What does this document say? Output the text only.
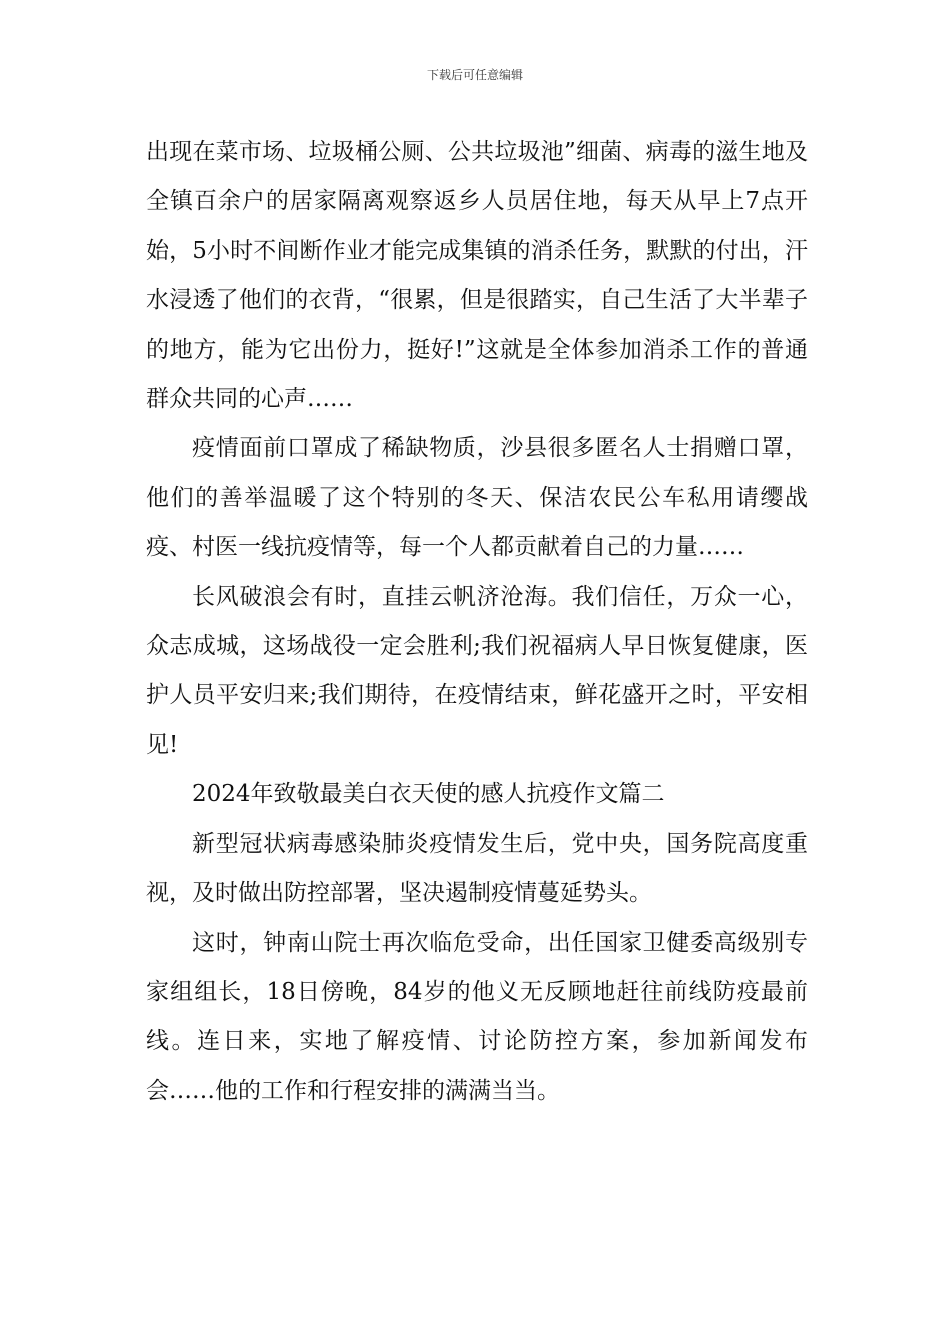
下载后可任意编辑

出现在菜市场、垃圾桶公厕、公共垃圾池”细菌、病毒的滋生地及全镇百余户的居家隔离观察返乡人员居住地，每天从早上7点开始，5小时不间断作业才能完成集镇的消杀任务，默默的付出，汗水浸透了他们的衣背，“很累，但是很踏实，自己生活了大半辈子的地方，能为它出份力，挺好!”这就是全体参加消杀工作的普通群众共同的心声……

疫情面前口罩成了稀缺物质，沙县很多匿名人士捐赠口罩，他们的善举温暖了这个特别的冬天、保洁农民公车私用请缨战疫、村医一线抗疫情等，每一个人都贡献着自己的力量……

长风破浪会有时，直挂云帆济沧海。我们信任，万众一心，众志成城，这场战役一定会胜利;我们祝福病人早日恢复健康，医护人员平安归来;我们期待，在疫情结束，鲜花盛开之时，平安相见!

2024年致敬最美白衣天使的感人抗疫作文篇二

新型冠状病毒感染肺炎疫情发生后，党中央，国务院高度重视，及时做出防控部署，坚决遏制疫情蔓延势头。

这时，钟南山院士再次临危受命，出任国家卫健委高级别专家组组长，18日傍晚，84岁的他义无反顾地赶往前线防疫最前线。连日来，实地了解疫情、讨论防控方案，参加新闻发布会……他的工作和行程安排的满满当当。
